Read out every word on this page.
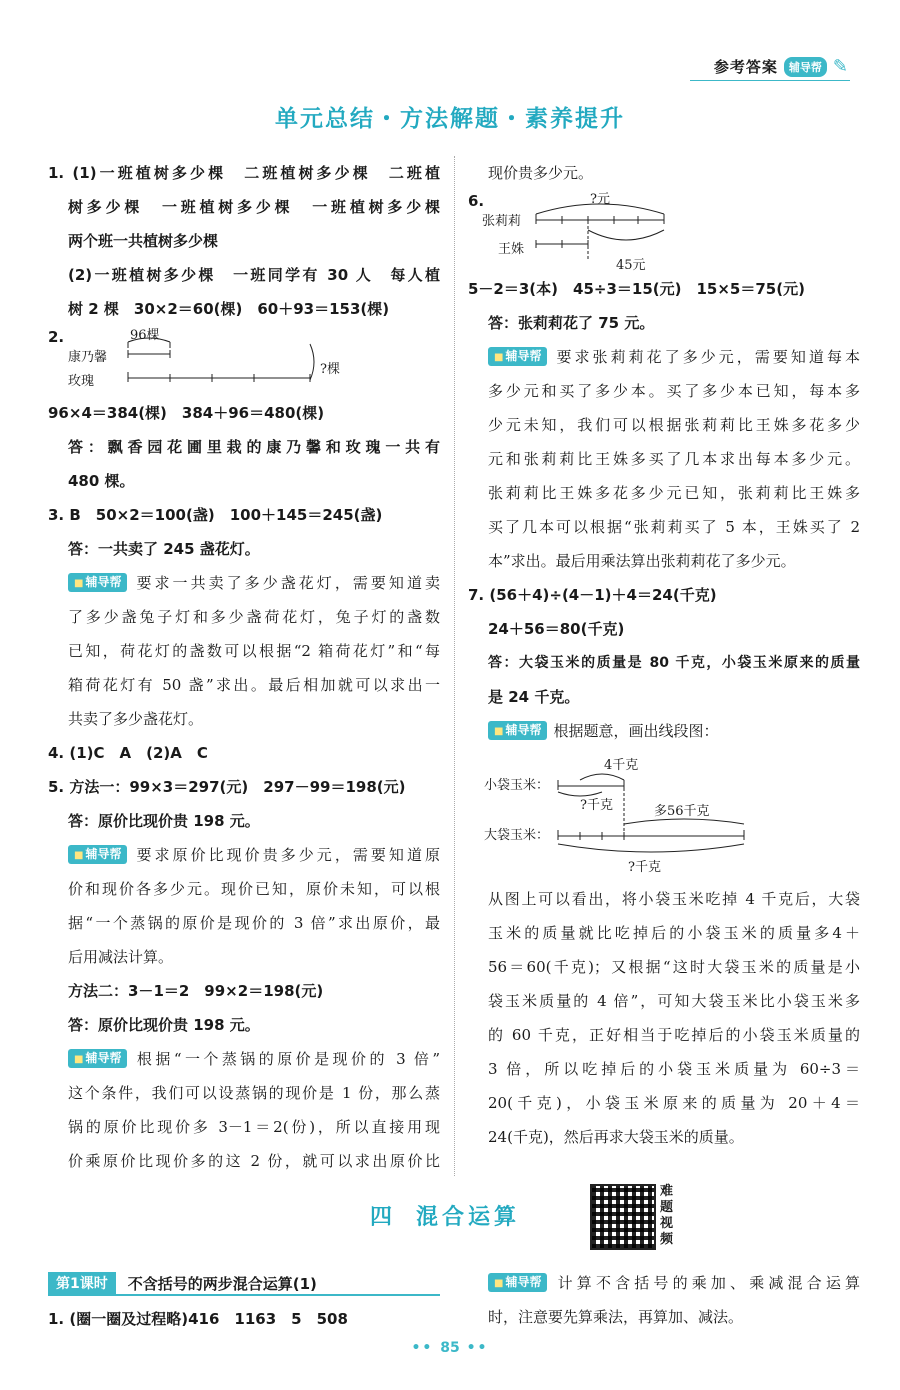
参考答案	辅导帮 ✎
单元总结・方法解题・素养提升
1. (1)一班植树多少棵　二班植树多少棵　二班植
树多少棵　一班植树多少棵　一班植树多少棵
两个班一共植树多少棵
(2)一班植树多少棵　一班同学有 30 人　每人植
树 2 棵　30×2＝60(棵)　60＋93＝153(棵)
2.	96棵
康乃馨
玫瑰
?棵
96×4＝384(棵)　384＋96＝480(棵)
答：飘香园花圃里栽的康乃馨和玫瑰一共有
480 棵。
3. B　50×2＝100(盏)　100＋145＝245(盏)
答：一共卖了 245 盏花灯。
■ 辅导帮 要求一共卖了多少盏花灯，需要知道卖
了多少盏兔子灯和多少盏荷花灯，兔子灯的盏数
已知，荷花灯的盏数可以根据“2 箱荷花灯”和“每
箱荷花灯有 50 盏”求出。最后相加就可以求出一
共卖了多少盏花灯。
4. (1)C　A　(2)A　C
5. 方法一：99×3＝297(元)　297－99＝198(元)
答：原价比现价贵 198 元。
■ 辅导帮 要求原价比现价贵多少元，需要知道原
价和现价各多少元。现价已知，原价未知，可以根
据“一个蒸锅的原价是现价的 3 倍”求出原价，最
后用减法计算。
方法二：3－1＝2　99×2＝198(元)
答：原价比现价贵 198 元。
■ 辅导帮 根据“一个蒸锅的原价是现价的 3 倍”
这个条件，我们可以设蒸锅的现价是 1 份，那么蒸
锅的原价比现价多 3－1＝2(份)，所以直接用现
价乘原价比现价多的这 2 份，就可以求出原价比
现价贵多少元。
6.	?元
张莉莉
王姝
45元
5－2＝3(本)　45÷3＝15(元)　15×5＝75(元)
答：张莉莉花了 75 元。
■ 辅导帮 要求张莉莉花了多少元，需要知道每本
多少元和买了多少本。买了多少本已知，每本多
少元未知，我们可以根据张莉莉比王姝多花多少
元和张莉莉比王姝多买了几本求出每本多少元。
张莉莉比王姝多花多少元已知，张莉莉比王姝多
买了几本可以根据“张莉莉买了 5 本，王姝买了 2
本”求出。最后用乘法算出张莉莉花了多少元。
7. (56＋4)÷(4－1)＋4＝24(千克)
24＋56＝80(千克)
答：大袋玉米的质量是 80 千克，小袋玉米原来的质量
是 24 千克。
■ 辅导帮 根据题意，画出线段图：
4千克
小袋玉米：
?千克	多56千克
大袋玉米：
?千克
从图上可以看出，将小袋玉米吃掉 4 千克后，大袋
玉米的质量就比吃掉后的小袋玉米的质量多4＋
56＝60(千克)；又根据“这时大袋玉米的质量是小
袋玉米质量的 4 倍”，可知大袋玉米比小袋玉米多
的 60 千克，正好相当于吃掉后的小袋玉米质量的
3 倍，所以吃掉后的小袋玉米质量为 60÷3＝
20(千克)，小袋玉米原来的质量为 20＋4＝
24(千克)，然后再求大袋玉米的质量。
四 混合运算
难题视频
第1课时	不含括号的两步混合运算(1)
1. (圈一圈及过程略)416　1163　5　508
■ 辅导帮 计算不含括号的乘加、乘减混合运算
时，注意要先算乘法，再算加、减法。
•• 85 ••
